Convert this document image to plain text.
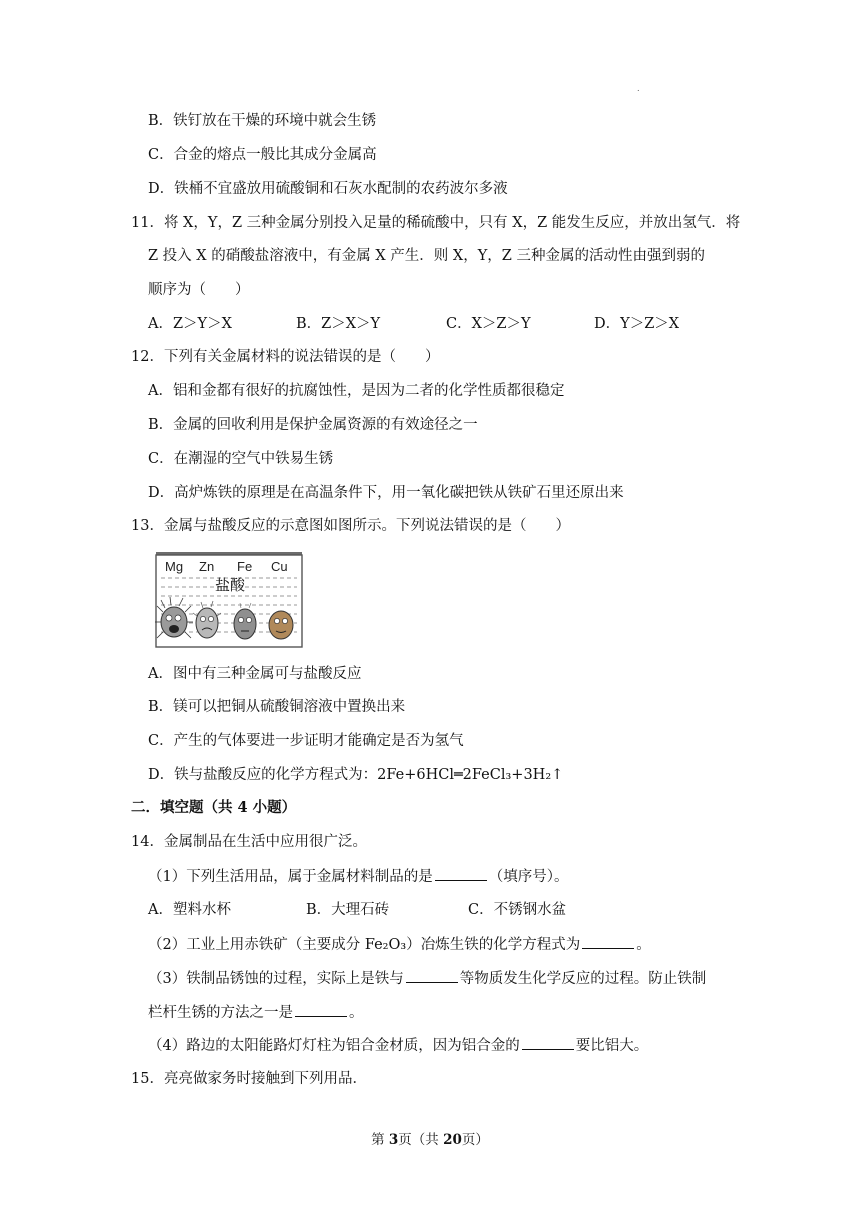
.
B．铁钉放在干燥的环境中就会生锈
C．合金的熔点一般比其成分金属高
D．铁桶不宜盛放用硫酸铜和石灰水配制的农药波尔多液
11．将 X，Y，Z 三种金属分别投入足量的稀硫酸中，只有 X，Z 能发生反应，并放出氢气．将
Z 投入 X 的硝酸盐溶液中，有金属 X 产生．则 X，Y，Z 三种金属的活动性由强到弱的
顺序为（　　）
A．Z＞Y＞X	B．Z＞X＞Y	C．X＞Z＞Y	D．Y＞Z＞X
12．下列有关金属材料的说法错误的是（　　）
A．铝和金都有很好的抗腐蚀性，是因为二者的化学性质都很稳定
B．金属的回收利用是保护金属资源的有效途径之一
C．在潮湿的空气中铁易生锈
D．高炉炼铁的原理是在高温条件下，用一氧化碳把铁从铁矿石里还原出来
13．金属与盐酸反应的示意图如图所示。下列说法错误的是（　　）
Mg Zn Fe Cu
盐酸
A．图中有三种金属可与盐酸反应
B．镁可以把铜从硫酸铜溶液中置换出来
C．产生的气体要进一步证明才能确定是否为氢气
D．铁与盐酸反应的化学方程式为：2Fe+6HCl═2FeCl₃+3H₂↑
二．填空题（共 4 小题）
14．金属制品在生活中应用很广泛。
（1）下列生活用品，属于金属材料制品的是	（填序号）。
A．塑料水杯	B．大理石砖	C．不锈钢水盆
（2）工业上用赤铁矿（主要成分 Fe₂O₃）冶炼生铁的化学方程式为	。
（3）铁制品锈蚀的过程，实际上是铁与	等物质发生化学反应的过程。防止铁制
栏杆生锈的方法之一是	。
（4）路边的太阳能路灯灯柱为铝合金材质，因为铝合金的	要比铝大。
15．亮亮做家务时接触到下列用品．
第 3页（共 20页）
